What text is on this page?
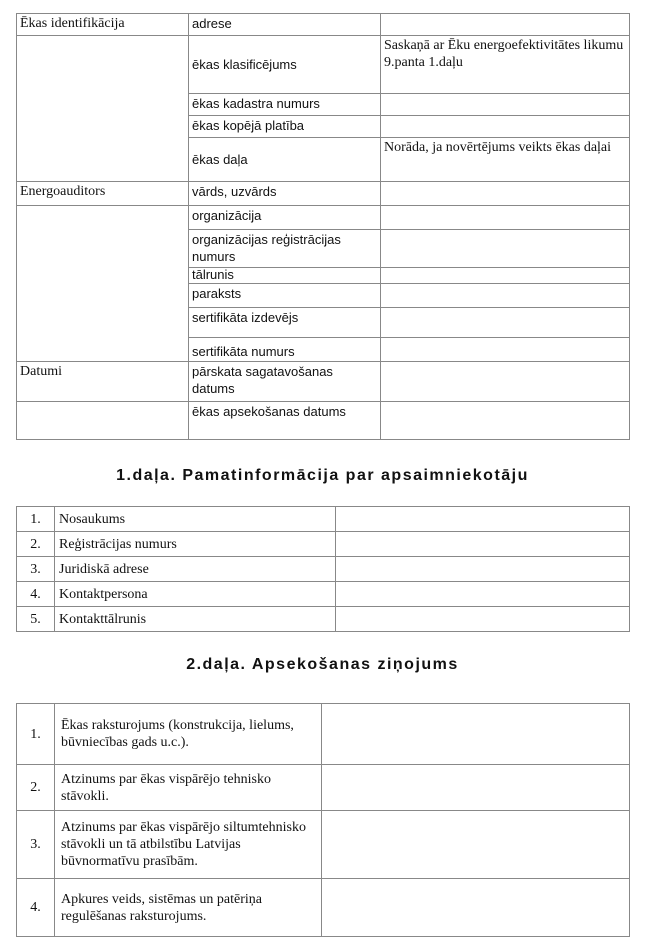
Ēkas identifikācija	adrese	
	ēkas klasificējums	Saskaņā ar Ēku energoefektivitātes likumu 9.panta 1.daļu
	ēkas kadastra numurs	
	ēkas kopējā platība	
	ēkas daļa	Norāda, ja novērtējums veikts ēkas daļai
Energoauditors	vārds, uzvārds	
	organizācija	
	organizācijas reģistrācijas numurs	
	tālrunis	
	paraksts	
	sertifikāta izdevējs	
	sertifikāta numurs	
Datumi	pārskata sagatavošanas datums	
	ēkas apsekošanas datums	
1.daļa. Pamatinformācija par apsaimniekotāju
1.	Nosaukums	
2.	Reģistrācijas numurs	
3.	Juridiskā adrese	
4.	Kontaktpersona	
5.	Kontakttālrunis	
2.daļa. Apsekošanas ziņojums
1.	Ēkas raksturojums (konstrukcija, lielums, būvniecības gads u.c.).	
2.	Atzinums par ēkas vispārējo tehnisko stāvokli.	
3.	Atzinums par ēkas vispārējo siltumtehnisko stāvokli un tā atbilstību Latvijas būvnormatīvu prasībām.	
4.	Apkures veids, sistēmas un patēriņa regulēšanas raksturojums.	
